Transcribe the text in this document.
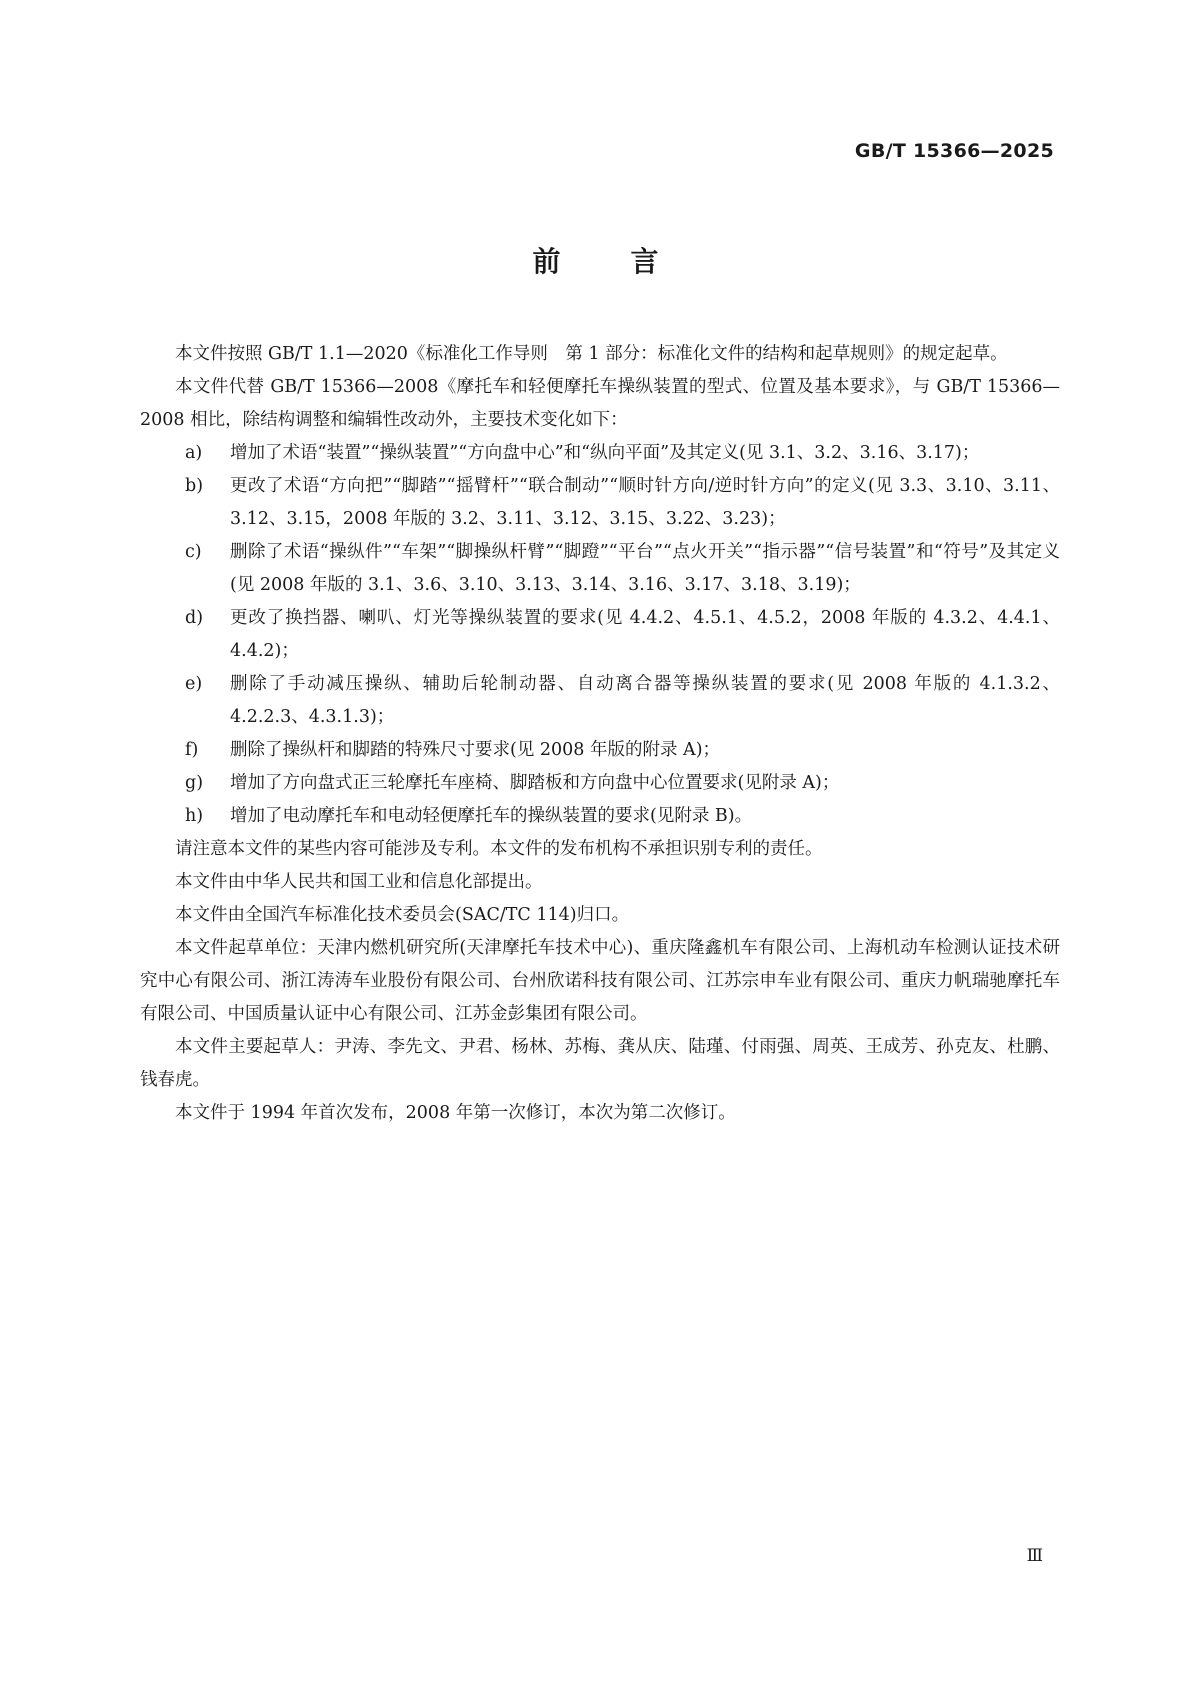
GB/T 15366—2025
前言

本文件按照 GB/T 1.1—2020《标准化工作导则　第 1 部分：标准化文件的结构和起草规则》的规定起草。

本文件代替 GB/T 15366—2008《摩托车和轻便摩托车操纵装置的型式、位置及基本要求》，与 GB/T 15366—2008 相比，除结构调整和编辑性改动外，主要技术变化如下：

a)	增加了术语“装置”“操纵装置”“方向盘中心”和“纵向平面”及其定义(见 3.1、3.2、3.16、3.17)；
b)	更改了术语“方向把”“脚踏”“摇臂杆”“联合制动”“顺时针方向/逆时针方向”的定义(见 3.3、3.10、3.11、3.12、3.15，2008 年版的 3.2、3.11、3.12、3.15、3.22、3.23)；
c)	删除了术语“操纵件”“车架”“脚操纵杆臂”“脚蹬”“平台”“点火开关”“指示器”“信号装置”和“符号”及其定义(见 2008 年版的 3.1、3.6、3.10、3.13、3.14、3.16、3.17、3.18、3.19)；
d)	更改了换挡器、喇叭、灯光等操纵装置的要求(见 4.4.2、4.5.1、4.5.2，2008 年版的 4.3.2、4.4.1、4.4.2)；
e)	删除了手动减压操纵、辅助后轮制动器、自动离合器等操纵装置的要求(见 2008 年版的 4.1.3.2、4.2.2.3、4.3.1.3)；
f)	删除了操纵杆和脚踏的特殊尺寸要求(见 2008 年版的附录 A)；
g)	增加了方向盘式正三轮摩托车座椅、脚踏板和方向盘中心位置要求(见附录 A)；
h)	增加了电动摩托车和电动轻便摩托车的操纵装置的要求(见附录 B)。

请注意本文件的某些内容可能涉及专利。本文件的发布机构不承担识别专利的责任。

本文件由中华人民共和国工业和信息化部提出。

本文件由全国汽车标准化技术委员会(SAC/TC 114)归口。

本文件起草单位：天津内燃机研究所(天津摩托车技术中心)、重庆隆鑫机车有限公司、上海机动车检测认证技术研究中心有限公司、浙江涛涛车业股份有限公司、台州欣诺科技有限公司、江苏宗申车业有限公司、重庆力帆瑞驰摩托车有限公司、中国质量认证中心有限公司、江苏金彭集团有限公司。

本文件主要起草人：尹涛、李先文、尹君、杨林、苏梅、龚从庆、陆瑾、付雨强、周英、王成芳、孙克友、杜鹏、钱春虎。

本文件于 1994 年首次发布，2008 年第一次修订，本次为第二次修订。

Ⅲ
